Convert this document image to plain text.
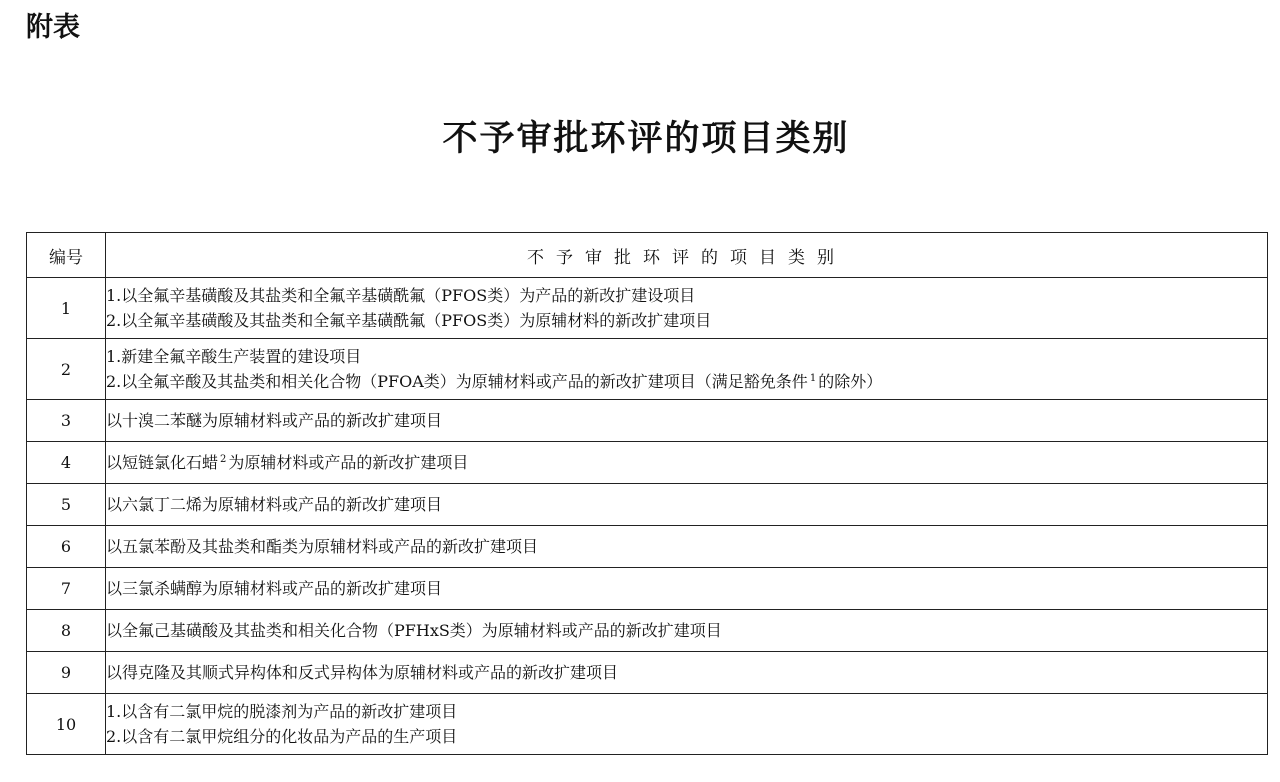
附表
不予审批环评的项目类别
编号	不予审批环评的项目类别
1	1.以全氟辛基磺酸及其盐类和全氟辛基磺酰氟（PFOS类）为产品的新改扩建设项目
2.以全氟辛基磺酸及其盐类和全氟辛基磺酰氟（PFOS类）为原辅材料的新改扩建项目

2	1.新建全氟辛酸生产装置的建设项目
2.以全氟辛酸及其盐类和相关化合物（PFOA类）为原辅材料或产品的新改扩建项目（满足豁免条件 $^1$ 的除外）

3	以十溴二苯醚为原辅材料或产品的新改扩建项目
4	以短链氯化石蜡 $^2$ 为原辅材料或产品的新改扩建项目
5	以六氯丁二烯为原辅材料或产品的新改扩建项目
6	以五氯苯酚及其盐类和酯类为原辅材料或产品的新改扩建项目
7	以三氯杀螨醇为原辅材料或产品的新改扩建项目
8	以全氟己基磺酸及其盐类和相关化合物（PFHxS类）为原辅材料或产品的新改扩建项目
9	以得克隆及其顺式异构体和反式异构体为原辅材料或产品的新改扩建项目
10	1.以含有二氯甲烷的脱漆剂为产品的新改扩建项目
2.以含有二氯甲烷组分的化妆品为产品的生产项目
